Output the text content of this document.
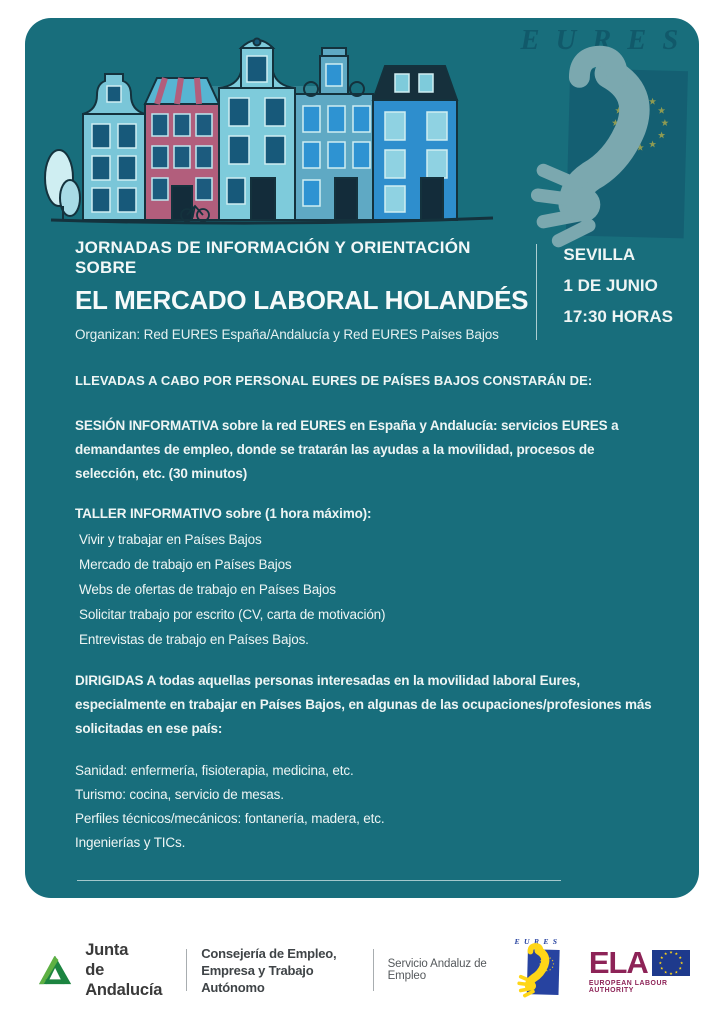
JORNADAS DE INFORMACIÓN Y ORIENTACIÓN SOBRE
EL MERCADO LABORAL HOLANDÉS
Organizan: Red EURES España/Andalucía y Red EURES Países Bajos
SEVILLA
1 DE JUNIO
17:30 HORAS
LLEVADAS A CABO POR PERSONAL EURES DE PAÍSES BAJOS CONSTARÁN DE:
SESIÓN INFORMATIVA sobre la red EURES en España y Andalucía: servicios EURES a demandantes de empleo, donde se tratarán las ayudas a la movilidad, procesos de selección, etc. (30 minutos)
TALLER INFORMATIVO sobre (1 hora máximo):
Vivir y trabajar en Países Bajos
Mercado de trabajo en Países Bajos
Webs de ofertas de trabajo en Países Bajos
Solicitar trabajo por escrito (CV, carta de motivación)
Entrevistas de trabajo en Países Bajos.
DIRIGIDAS A todas aquellas personas interesadas en la movilidad laboral Eures, especialmente en trabajar en Países Bajos, en algunas de las ocupaciones/profesiones más solicitadas en ese país:
Sanidad: enfermería, fisioterapia, medicina, etc.
Turismo: cocina, servicio de mesas.
Perfiles técnicos/mecánicos: fontanería, madera, etc.
Ingenierías y TICs.
Junta
de Andalucía
Consejería de Empleo,
Empresa y Trabajo Autónomo
Servicio Andaluz de Empleo	ELA
EUROPEAN LABOUR AUTHORITY
